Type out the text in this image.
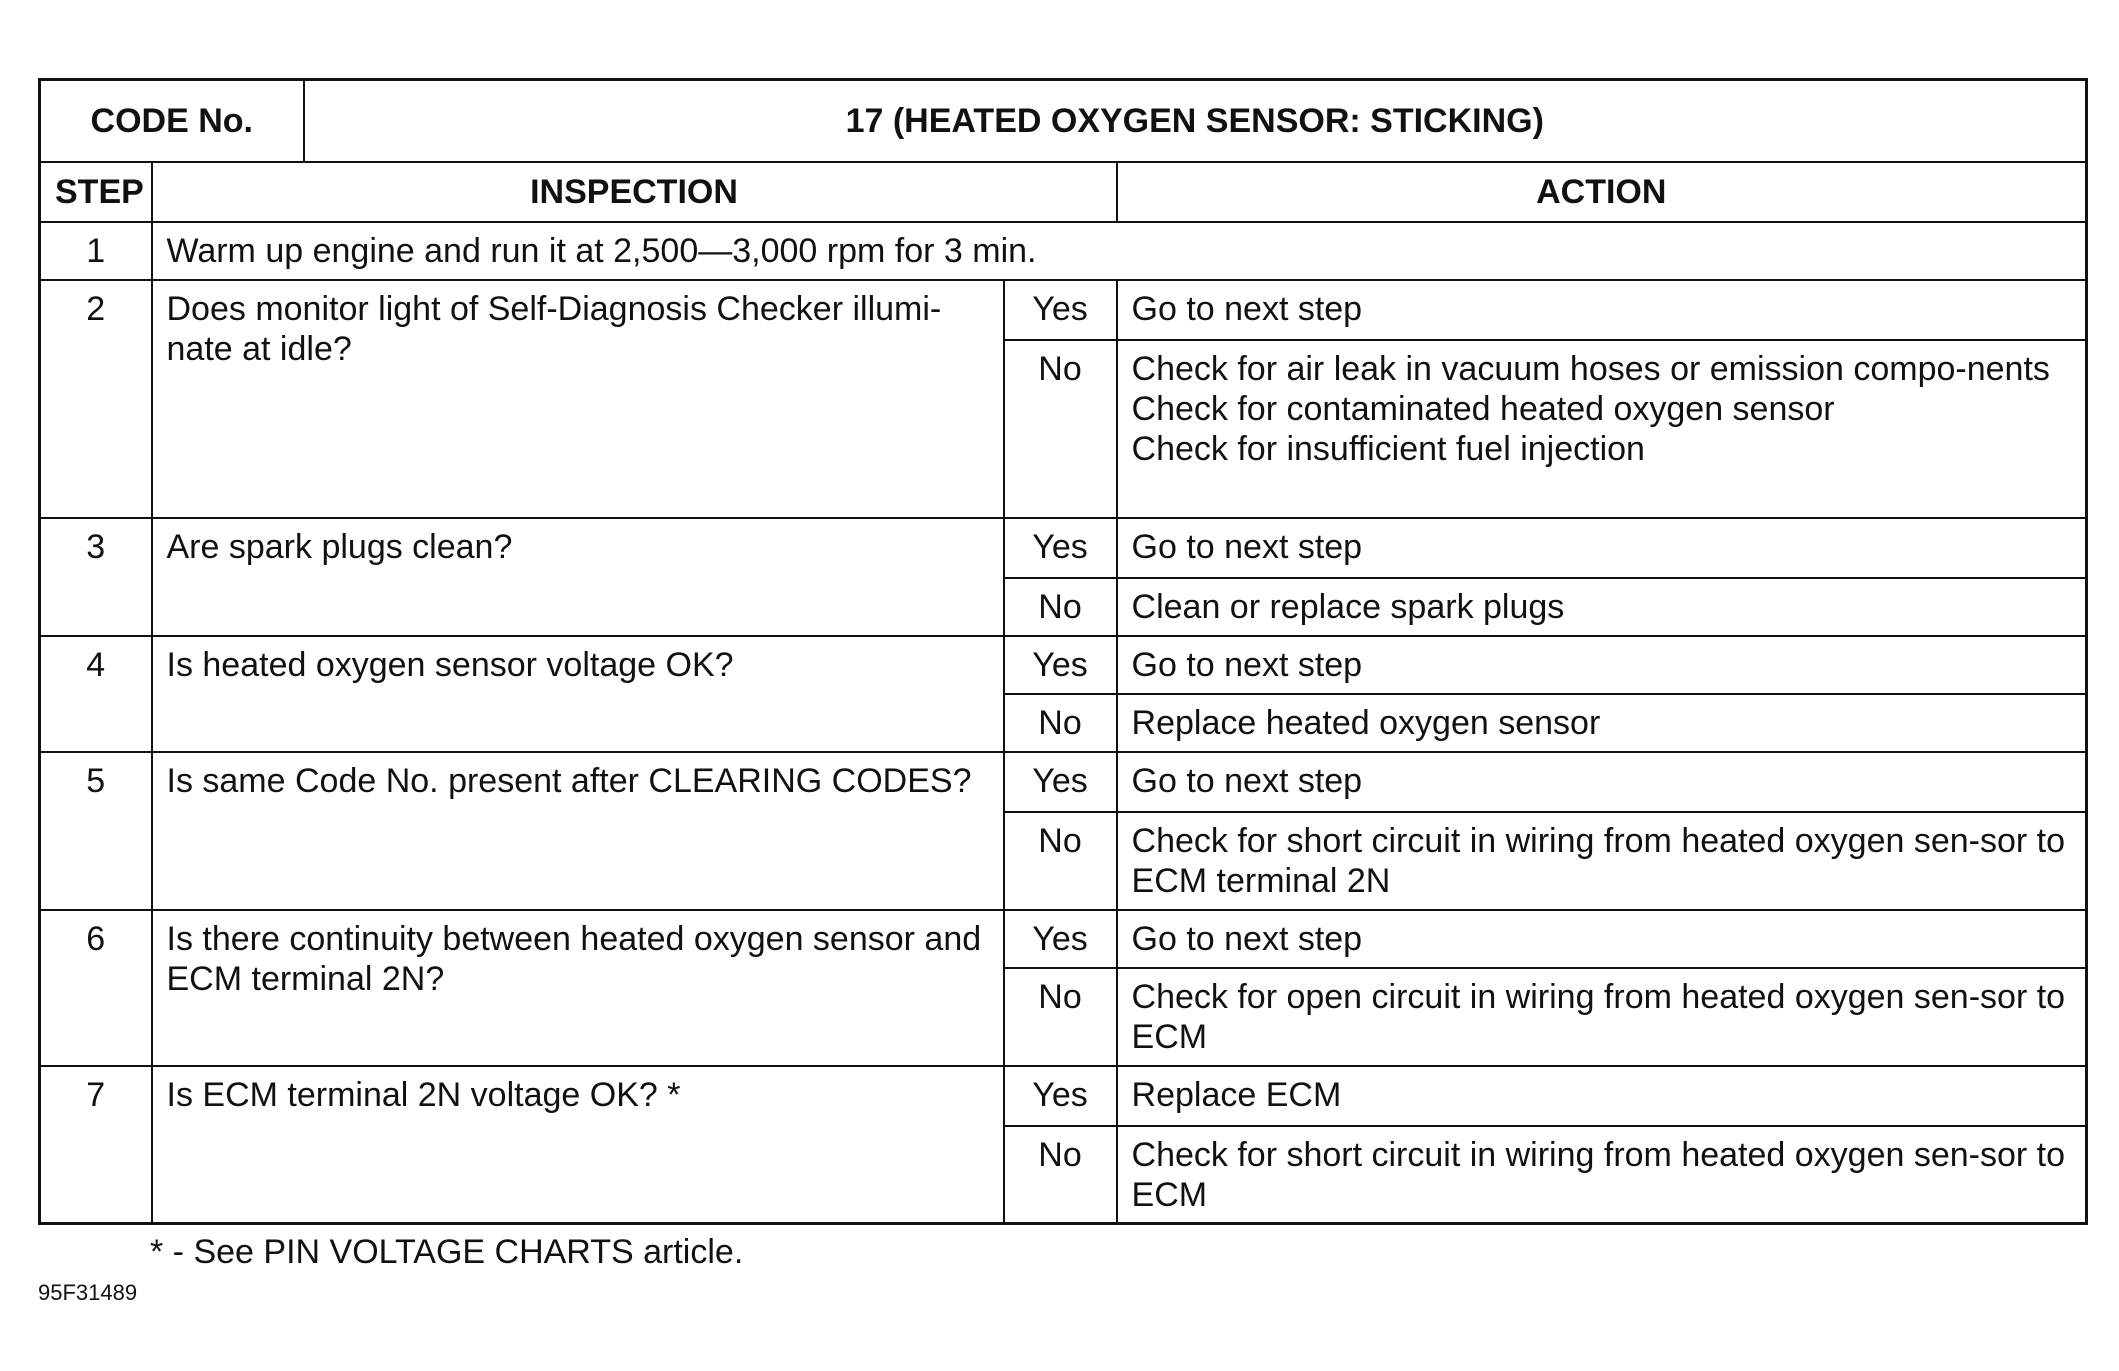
CODE No.		17 (HEATED OXYGEN SENSOR: STICKING)		
STEP	INSPECTION			ACTION
1	Warm up engine and run it at 2,500—3,000 rpm for 3 min.			
2	Does monitor light of Self-Diagnosis Checker illumi-nate at idle?		Yes	Go to next step

			No	Check for air leak in vacuum hoses or emission compo-nents
Check for contaminated heated oxygen sensor
Check for insufficient fuel injection

3	Are spark plugs clean?		Yes	Go to next step

			No	Clean or replace spark plugs

4	Is heated oxygen sensor voltage OK?		Yes	Go to next step

			No	Replace heated oxygen sensor

5	Is same Code No. present after CLEARING CODES?		Yes	Go to next step

			No	Check for short circuit in wiring from heated oxygen sen-sor to ECM terminal 2N

6	Is there continuity between heated oxygen sensor and ECM terminal 2N?		Yes	Go to next step

			No	Check for open circuit in wiring from heated oxygen sen-sor to ECM

7	Is ECM terminal 2N voltage OK? *		Yes	Replace ECM

			No	Check for short circuit in wiring from heated oxygen sen-sor to ECM
* - See PIN VOLTAGE CHARTS article.
95F31489
